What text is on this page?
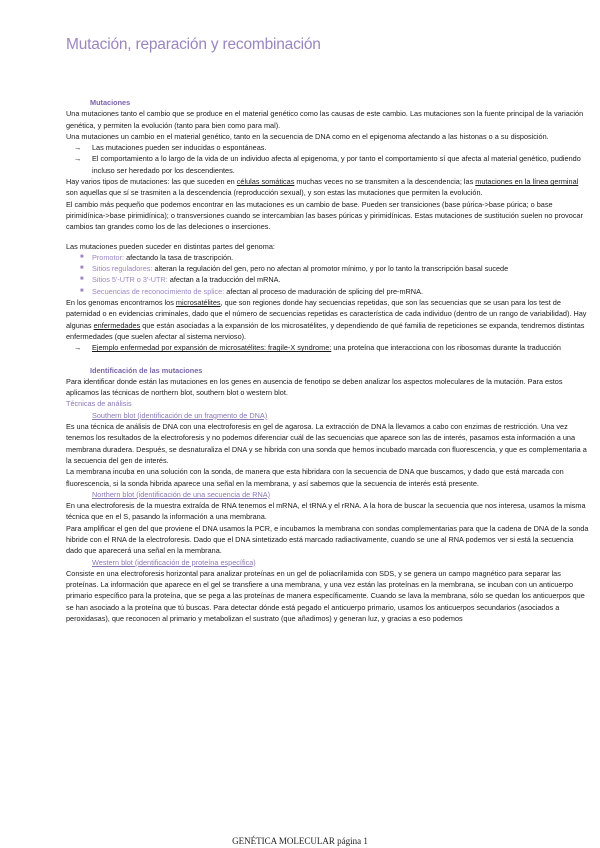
Mutación, reparación y recombinación

Mutaciones

Una mutaciones tanto el cambio que se produce en el material genético como las causas de este cambio. Las mutaciones son la fuente principal de la variación genética, y permiten la evolución (tanto para bien como para mal).

Una mutaciones un cambio en el material genético, tanto en la secuencia de DNA como en el epigenoma afectando a las histonas o a su disposición.

→ Las mutaciones pueden ser inducidas o espontáneas.

→ El comportamiento a lo largo de la vida de un individuo afecta al epigenoma, y por tanto el comportamiento sí que afecta al material genético, pudiendo incluso ser heredado por los descendientes.

Hay varios tipos de mutaciones: las que suceden en células somáticas muchas veces no se transmiten a la descendencia; las mutaciones en la línea germinal son aquellas que sí se trasmiten a la descendencia (reproducción sexual), y son estas las mutaciones que permiten la evolución.

El cambio más pequeño que podemos encontrar en las mutaciones es un cambio de base. Pueden ser transiciones (base púrica->base púrica; o base pirimidínica->base pirimidínica); o transversiones cuando se intercambian las bases púricas y pirimidínicas. Estas mutaciones de sustitución suelen no provocar cambios tan grandes como los de las deleciones o inserciones.

Las mutaciones pueden suceder en distintas partes del genoma:

■ Promotor: afectando la tasa de trascripción.

■ Sitios reguladores: alteran la regulación del gen, pero no afectan al promotor mínimo, y por lo tanto la transcripción basal sucede

■ Sitios 5'-UTR o 3'-UTR: afectan a la traducción del mRNA.

■ Secuencias de reconocimiento de splice: afectan al proceso de maduración de splicing del pre-mRNA.

En los genomas encontramos los microsatélites, que son regiones donde hay secuencias repetidas, que son las secuencias que se usan para los test de paternidad o en evidencias criminales, dado que el número de secuencias repetidas es característica de cada individuo (dentro de un rango de variabilidad). Hay algunas enfermedades que están asociadas a la expansión de los microsatélites, y dependiendo de qué familia de repeticiones se expanda, tendremos distintas enfermedades (que suelen afectar al sistema nervioso).

→ Ejemplo enfermedad por expansión de microsatélites: fragile-X syndrome: una proteína que interacciona con los ribosomas durante la traducción

Identificación de las mutaciones

Para identificar donde están las mutaciones en los genes en ausencia de fenotipo se deben analizar los aspectos moleculares de la mutación. Para estos aplicamos las técnicas de northern blot, southern blot o western blot.

Técnicas de análisis

Southern blot (identificación de un fragmento de DNA)

Es una técnica de análisis de DNA con una electroforesis en gel de agarosa. La extracción de DNA la llevamos a cabo con enzimas de restricción. Una vez tenemos los resultados de la electroforesis y no podemos diferenciar cuál de las secuencias que aparece son las de interés, pasamos esta información a una membrana duradera. Después, se desnaturaliza el DNA y se hibrida con una sonda que hemos incubado marcada con fluorescencia, y que es complementaria a la secuencia del gen de interés.

La membrana incuba en una solución con la sonda, de manera que esta hibridara con la secuencia de DNA que buscamos, y dado que está marcada con fluorescencia, si la sonda hibrida aparece una señal en la membrana, y así sabemos que la secuencia de interés está presente.

Northern blot (identificación de una secuencia de RNA)

En una electroforesis de la muestra extraída de RNA tenemos el mRNA, el tRNA y el rRNA. A la hora de buscar la secuencia que nos interesa, usamos la misma técnica que en el S, pasando la información a una membrana.

Para amplificar el gen del que proviene el DNA usamos la PCR, e incubamos la membrana con sondas complementarias para que la cadena de DNA de la sonda hibride con el RNA de la electroforesis. Dado que el DNA sintetizado está marcado radiactivamente, cuando se une al RNA podemos ver si está la secuencia dado que aparecerá una señal en la membrana.

Western blot (identificación de proteína específica)

Consiste en una electroforesis horizontal para analizar proteínas en un gel de poliacrilamida con SDS, y se genera un campo magnético para separar las proteínas. La información que aparece en el gel se transfiere a una membrana, y una vez están las proteínas en la membrana, se incuban con un anticuerpo primario específico para la proteína, que se pega a las proteínas de manera específicamente. Cuando se lava la membrana, sólo se quedan los anticuerpos que se han asociado a la proteína que tú buscas. Para detectar dónde está pegado el anticuerpo primario, usamos los anticuerpos secundarios (asociados a peroxidasas), que reconocen al primario y metabolizan el sustrato (que añadimos) y generan luz, y gracias a eso podemos

GENÉTICA MOLECULAR página 1
